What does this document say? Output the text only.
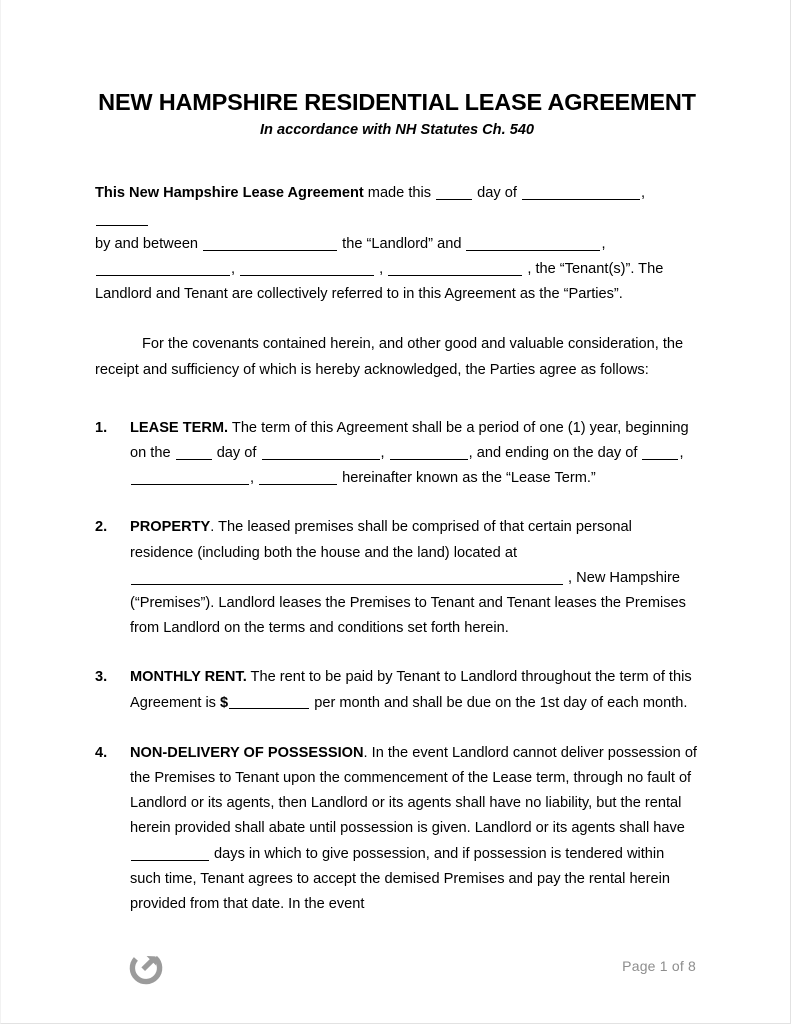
NEW HAMPSHIRE RESIDENTIAL LEASE AGREEMENT
In accordance with NH Statutes Ch. 540

This New Hampshire Lease Agreement made this	day of	,
by and between	the “Landlord” and	,
,	,	, the “Tenant(s)”. The Landlord and Tenant are collectively referred to in this Agreement as the “Parties”.

For the covenants contained herein, and other good and valuable consideration, the receipt and sufficiency of which is hereby acknowledged, the Parties agree as follows:

1.	LEASE TERM. The term of this Agreement shall be a period of one (1) year, beginning on the	day of	,	, and ending on the day of	, ,	hereinafter known as the “Lease Term.”
2.	PROPERTY. The leased premises shall be comprised of that certain personal residence (including both the house and the land) located at
, New Hampshire (“Premises”). Landlord leases the Premises to Tenant and Tenant leases the Premises from Landlord on the terms and conditions set forth herein.
3.	MONTHLY RENT. The rent to be paid by Tenant to Landlord throughout the term of this Agreement is $	per month and shall be due on the 1st day of each month.
4.	NON-DELIVERY OF POSSESSION. In the event Landlord cannot deliver possession of the Premises to Tenant upon the commencement of the Lease term, through no fault of Landlord or its agents, then Landlord or its agents shall have no liability, but the rental herein provided shall abate until possession is given. Landlord or its agents shall have  days in which to give possession, and if possession is tendered within such time, Tenant agrees to accept the demised Premises and pay the rental herein provided from that date. In the event
Page 1 of 8
